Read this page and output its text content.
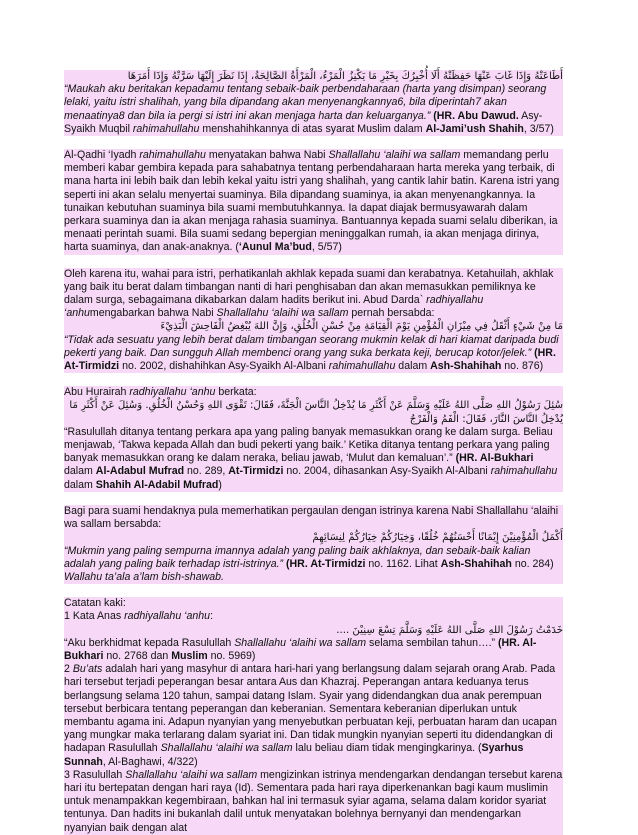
أَطَاعَتْهُ وَإِذَا غَابَ عَنْهَا حَفِظَتْهُ أَلَا أُخْبِرُكَ بِخَيْرِ مَا يَكْنِزُ الْمَرْءُ، الْمَرْأَةُ الصَّالِحَةُ، إِذَا نَظَرَ إِلَيْهَا سَرَّتْهُ وَإِذَا أَمَرَهَا

“Maukah aku beritakan kepadamu tentang sebaik-baik perbendaharaan (harta yang disimpan) seorang lelaki, yaitu istri shalihah, yang bila dipandang akan menyenangkannya6, bila diperintah7 akan menaatinya8 dan bila ia pergi si istri ini akan menjaga harta dan keluarganya.” (HR. Abu Dawud. Asy-Syaikh Muqbil rahimahullahu menshahihkannya di atas syarat Muslim dalam Al-Jami’ush Shahih, 3/57)

Al-Qadhi ‘Iyadh rahimahullahu menyatakan bahwa Nabi Shallallahu ‘alaihi wa sallam memandang perlu memberi kabar gembira kepada para sahabatnya tentang perbendaharaan harta mereka yang terbaik, di mana harta ini lebih baik dan lebih kekal yaitu istri yang shalihah, yang cantik lahir batin. Karena istri yang seperti ini akan selalu menyertai suaminya. Bila dipandang suaminya, ia akan menyenangkannya. Ia tunaikan kebutuhan suaminya bila suami membutuhkannya. Ia dapat diajak bermusyawarah dalam perkara suaminya dan ia akan menjaga rahasia suaminya. Bantuannya kepada suami selalu diberikan, ia menaati perintah suami. Bila suami sedang bepergian meninggalkan rumah, ia akan menjaga dirinya, harta suaminya, dan anak-anaknya. (‘Aunul Ma’bud, 5/57)

Oleh karena itu, wahai para istri, perhatikanlah akhlak kepada suami dan kerabatnya. Ketahuilah, akhlak yang baik itu berat dalam timbangan nanti di hari penghisaban dan akan memasukkan pemiliknya ke dalam surga, sebagaimana dikabarkan dalam hadits berikut ini. Abud Darda` radhiyallahu ‘anhumengabarkan bahwa Nabi Shallallahu ‘alaihi wa sallam pernah bersabda:

مَا مِنْ شَيْءٍ أَثْقَلُ فِي مِيْزَانِ الْمُؤْمِنِ يَوْمَ الْقِيَامَةِ مِنْ حُسْنِ الْخُلُقِ، وَإِنَّ اللهَ يُبْغِضُ الْفَاحِشَ الْبَذِيْءَ

“Tidak ada sesuatu yang lebih berat dalam timbangan seorang mukmin kelak di hari kiamat daripada budi pekerti yang baik. Dan sungguh Allah membenci orang yang suka berkata keji, berucap kotor/jelek.” (HR. At-Tirmidzi no. 2002, dishahihkan Asy-Syaikh Al-Albani rahimahullahu dalam Ash-Shahihah no. 876)

Abu Hurairah radhiyallahu ‘anhu berkata:

سُئِلَ رَسُوْلُ اللهِ صَلَّى اللهُ عَلَيْهِ وَسَلَّمَ عَنْ أَكْثَرِ مَا يُدْخِلُ النَّاسَ الْجَنَّةَ، فَقَالَ: تَقْوَى اللهِ وَحُسْنُ الْخُلُقِ. وَسُئِلَ عَنْ أَكْثَرِ مَا يُدْخِلُ النَّاسَ النَّارَ، فَقَالَ: الْفَمُ وَالْفَرْجُ

“Rasulullah ditanya tentang perkara apa yang paling banyak memasukkan orang ke dalam surga. Beliau menjawab, ‘Takwa kepada Allah dan budi pekerti yang baik.’ Ketika ditanya tentang perkara yang paling banyak memasukkan orang ke dalam neraka, beliau jawab, ‘Mulut dan kemaluan’.” (HR. Al-Bukhari dalam Al-Adabul Mufrad no. 289, At-Tirmidzi no. 2004, dihasankan Asy-Syaikh Al-Albani rahimahullahu dalam Shahih Al-Adabil Mufrad)

Bagi para suami hendaknya pula memerhatikan pergaulan dengan istrinya karena Nabi Shallallahu ‘alaihi wa sallam bersabda:

أَكْمَلُ الْمُؤْمِنِيْنَ إِيْمَانًا أَحْسَنُهُمْ خُلُقًا، وَخِيَارُكُمْ خِيَارُكُمْ لِنِسَائِهِمْ

“Mukmin yang paling sempurna imannya adalah yang paling baik akhlaknya, dan sebaik-baik kalian adalah yang paling baik terhadap istri-istrinya.” (HR. At-Tirmidzi no. 1162. Lihat Ash-Shahihah no. 284)

Wallahu ta’ala a’lam bish-shawab.

Catatan kaki:

1 Kata Anas radhiyallahu ‘anhu:

خَدَمْتُ رَسُوْلَ اللهِ صَلَّى اللهُ عَلَيْهِ وَسَلَّمَ تِسْعَ سِنِيْنَ ....

“Aku berkhidmat kepada Rasulullah Shallallahu ‘alaihi wa sallam selama sembilan tahun….” (HR. Al-Bukhari no. 2768 dan Muslim no. 5969)

2 Bu’ats adalah hari yang masyhur di antara hari-hari yang berlangsung dalam sejarah orang Arab. Pada hari tersebut terjadi peperangan besar antara Aus dan Khazraj. Peperangan antara keduanya terus berlangsung selama 120 tahun, sampai datang Islam. Syair yang didendangkan dua anak perempuan tersebut berbicara tentang peperangan dan keberanian. Sementara keberanian diperlukan untuk membantu agama ini. Adapun nyanyian yang menyebutkan perbuatan keji, perbuatan haram dan ucapan yang mungkar maka terlarang dalam syariat ini. Dan tidak mungkin nyanyian seperti itu didendangkan di hadapan Rasulullah Shallallahu ‘alaihi wa sallam lalu beliau diam tidak mengingkarinya. (Syarhus Sunnah, Al-Baghawi, 4/322)

3 Rasulullah Shallallahu ‘alaihi wa sallam mengizinkan istrinya mendengarkan dendangan tersebut karena hari itu bertepatan dengan hari raya (Id). Sementara pada hari raya diperkenankan bagi kaum muslimin untuk menampakkan kegembiraan, bahkan hal ini termasuk syiar agama, selama dalam koridor syariat tentunya. Dan hadits ini bukanlah dalil untuk menyatakan bolehnya bernyanyi dan mendengarkan nyanyian baik dengan alat
